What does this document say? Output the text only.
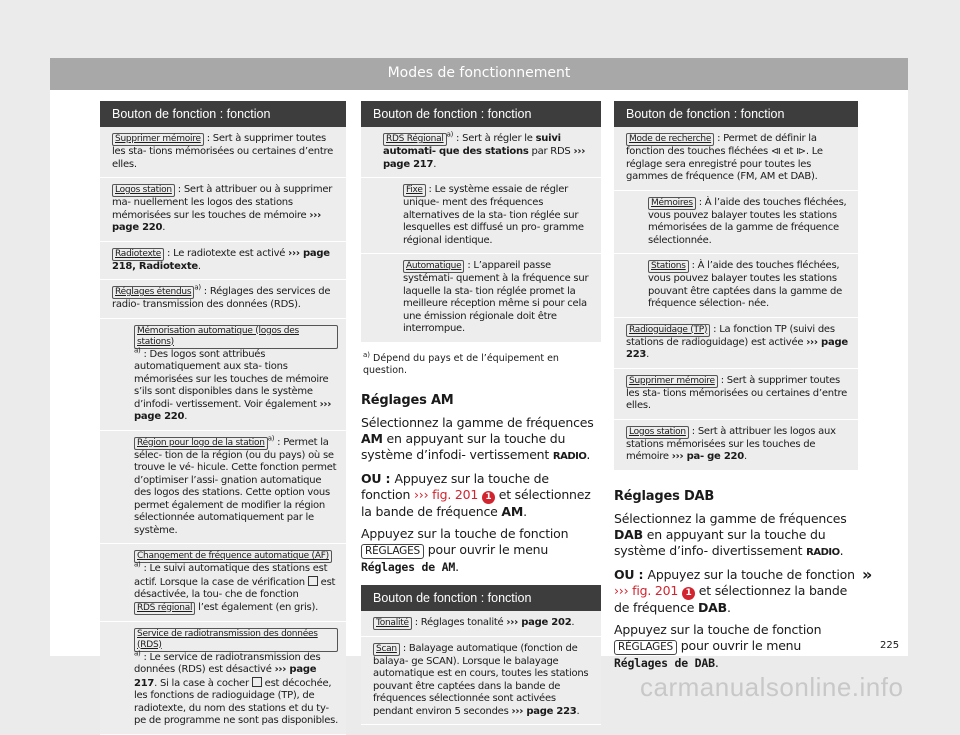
Modes de fonctionnement
Bouton de fonction : fonction
Supprimer mémoire : Sert à supprimer toutes les sta- tions mémorisées ou certaines d’entre elles.
Logos station : Sert à attribuer ou à supprimer ma- nuellement les logos des stations mémorisées sur les touches de mémoire ››› page 220.
Radiotexte : Le radiotexte est activé ››› page 218, Radiotexte.
Réglages étendus $^{a)}$ : Réglages des services de radio- transmission des données (RDS).
Mémorisation automatique (logos des stations)$^{a)}$ : Des logos sont attribués automatiquement aux sta- tions mémorisées sur les touches de mémoire s’ils sont disponibles dans le système d’infodi- vertissement. Voir également ››› page 220.
Région pour logo de la station $^{a)}$ : Permet la sélec- tion de la région (ou du pays) où se trouve le vé- hicule. Cette fonction permet d’optimiser l’assi- gnation automatique des logos des stations. Cette option vous permet également de modifier la région sélectionnée automatiquement par le système.
Changement de fréquence automatique (AF)$^{a)}$ : Le suivi automatique des stations est actif. Lorsque la case de vérification  est désactivée, la tou- che de fonction RDS régional l’est également (en gris).
Service de radiotransmission des données (RDS)$^{a)}$ : Le service de radiotransmission des données (RDS) est désactivé ››› page 217. Si la case à cocher  est décochée, les fonctions de radioguidage (TP), de radiotexte, du nom des stations et du ty- pe de programme ne sont pas disponibles.
Bouton de fonction : fonction
RDS Régional $^{a)}$ : Sert à régler le suivi automati- que des stations par RDS ››› page 217.
Fixe : Le système essaie de régler unique- ment des fréquences alternatives de la sta- tion réglée sur lesquelles est diffusé un pro- gramme régional identique.
Automatique : L’appareil passe systémati- quement à la fréquence sur laquelle la sta- tion réglée promet la meilleure réception même si pour cela une émission régionale doit être interrompue.
$^{a)}$ Dépend du pays et de l’équipement en question.
Réglages AM

Sélectionnez la gamme de fréquences AM en appuyant sur la touche du système d’infodi- vertissement RADIO.

OU : Appuyez sur la touche de fonction ››› fig. 201 1 et sélectionnez la bande de fréquence AM.

Appuyez sur la touche de fonction RÉGLAGES pour ouvrir le menu Réglages de AM.

Bouton de fonction : fonction
Tonalité : Réglages tonalité ››› page 202.
Scan : Balayage automatique (fonction de balaya- ge SCAN). Lorsque le balayage automatique est en cours, toutes les stations pouvant être captées dans la bande de fréquences sélectionnée sont activées pendant environ 5 secondes ››› page 223.
Bouton de fonction : fonction
Mode de recherche : Permet de définir la fonction des touches fléchées ⧏ et ⧐. Le réglage sera enregistré pour toutes les gammes de fréquence (FM, AM et DAB).
Mémoires : À l’aide des touches fléchées, vous pouvez balayer toutes les stations mémorisées de la gamme de fréquence sélectionnée.
Stations : À l’aide des touches fléchées, vous pouvez balayer toutes les stations pouvant être captées dans la gamme de fréquence sélection- née.
Radioguidage (TP) : La fonction TP (suivi des stations de radioguidage) est activée ››› page 223.
Supprimer mémoire : Sert à supprimer toutes les sta- tions mémorisées ou certaines d’entre elles.
Logos station : Sert à attribuer les logos aux stations mémorisées sur les touches de mémoire ››› pa- ge 220.
Réglages DAB

Sélectionnez la gamme de fréquences DAB en appuyant sur la touche du système d’info- divertissement RADIO.

OU : Appuyez sur la touche de fonction ››› fig. 201 1 et sélectionnez la bande de fréquence DAB.

Appuyez sur la touche de fonction RÉGLAGES pour ouvrir le menu Réglages de DAB.

»
225
carmanualsonline.info
